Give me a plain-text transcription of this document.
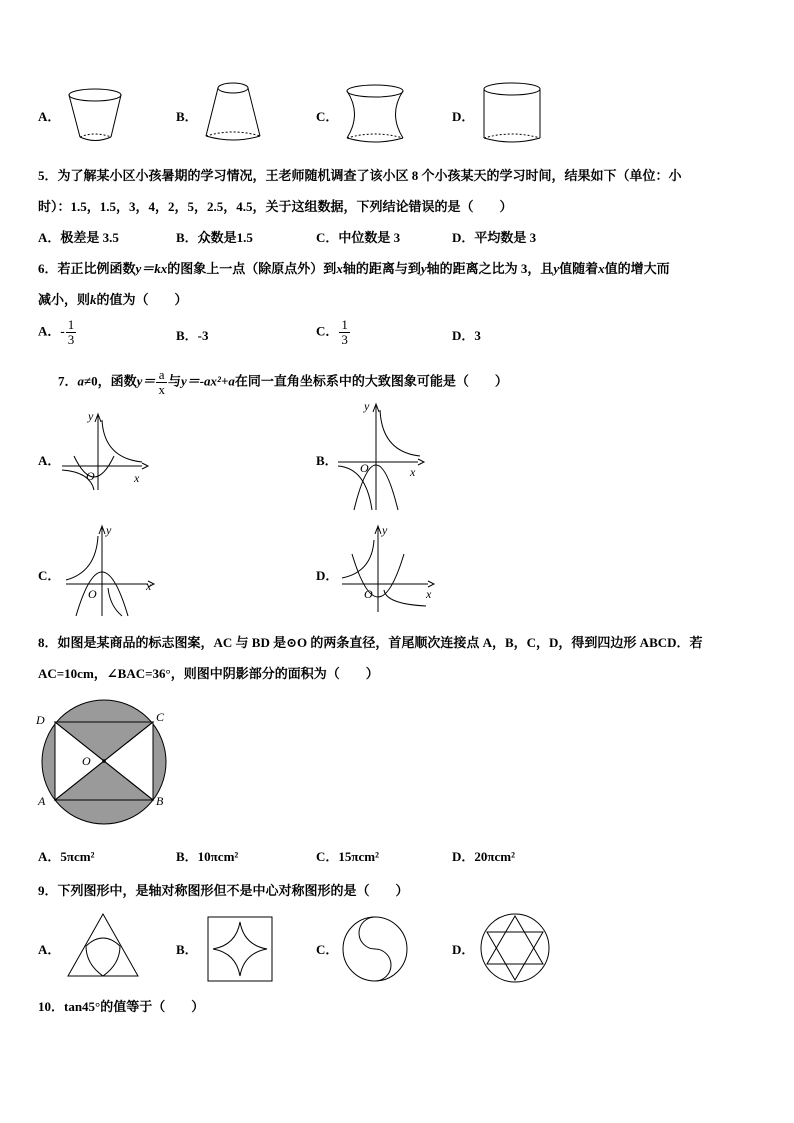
A．	B．	C．	D．
5．为了解某小区小孩暑期的学习情况，王老师随机调查了该小区 8 个小孩某天的学习时间，结果如下（单位：小
时）：1.5，1.5，3，4，2，5，2.5，4.5，关于这组数据，下列结论错误的是（　　）
A．极差是 3.5	B．众数是1.5	C．中位数是 3	D．平均数是 3
6．若正比例函数y＝kx的图象上一点（除原点外）到x轴的距离与到y轴的距离之比为 3，且y值随着x值的增大而
减小，则k的值为（　　）
A．- $\frac{1}{3}$	B．-3	C． $\frac{1}{3}$	D．3
7．a≠0，函数$y= \frac{a}{x}$ 与y＝-ax²+a在同一直角坐标系中的大致图象可能是（　　）
A．
y
x
O
B．
y
x
O
C．
y
x
O
D．
y
x
O
8．如图是某商品的标志图案，AC 与 BD 是⊙O 的两条直径，首尾顺次连接点 A，B，C，D，得到四边形 ABCD．若
AC=10cm，∠BAC=36°，则图中阴影部分的面积为（　　）
D	C
O
A	B
A．5πcm²	B．10πcm²	C．15πcm²	D．20πcm²
9．下列图形中，是轴对称图形但不是中心对称图形的是（　　）
A．	B．	C．	D．
10．tan45°的值等于（　　）
